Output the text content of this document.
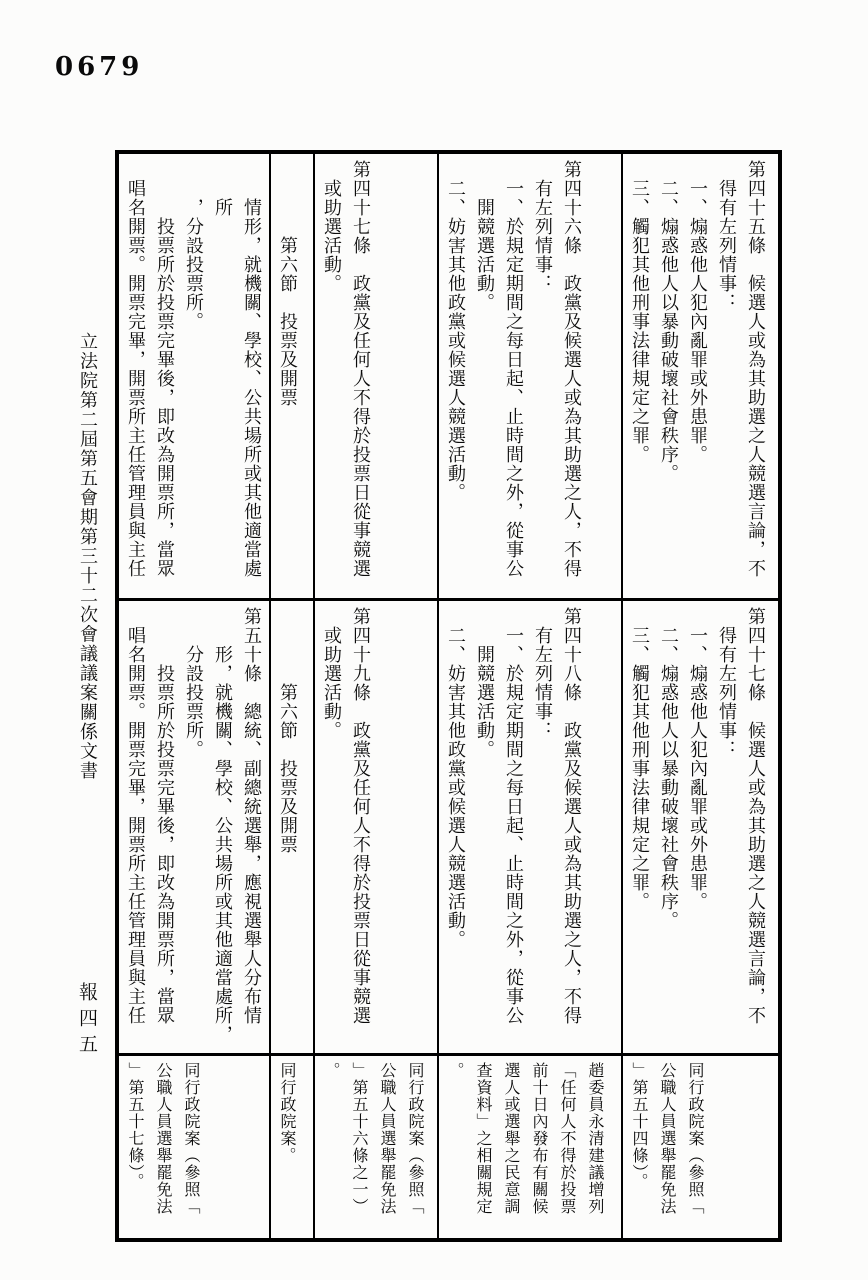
0679
立法院第二屆第五會期第三十二次會議議案關係文書
報四五
第四十五條　候選人或為其助選之人競選言論，不
得有左列情事：
一、煽惑他人犯內亂罪或外患罪。
二、煽惑他人以暴動破壞社會秩序。
三、觸犯其他刑事法律規定之罪。
第四十六條　政黨及候選人或為其助選之人，不得
有左列情事：
一、於規定期間之每日起、止時間之外，從事公
開競選活動。
二、妨害其他政黨或候選人競選活動。
第四十七條　政黨及任何人不得於投票日從事競選
或助選活動。
第六節　投票及開票
情形，就機關、學校、公共場所或其他適當處所
，分設投票所。
投票所於投票完畢後，即改為開票所，當眾
唱名開票。開票完畢，開票所主任管理員與主任
第四十七條　候選人或為其助選之人競選言論，不
得有左列情事：
一、煽惑他人犯內亂罪或外患罪。
二、煽惑他人以暴動破壞社會秩序。
三、觸犯其他刑事法律規定之罪。
第四十八條　政黨及候選人或為其助選之人，不得
有左列情事：
一、於規定期間之每日起、止時間之外，從事公
開競選活動。
二、妨害其他政黨或候選人競選活動。
第四十九條　政黨及任何人不得於投票日從事競選
或助選活動。
第六節　投票及開票
第五十條　總統、副總統選舉，應視選舉人分布情
形，就機關、學校、公共場所或其他適當處所，
分設投票所。
投票所於投票完畢後，即改為開票所，當眾
唱名開票。開票完畢，開票所主任管理員與主任
同行政院案（參照「
公職人員選舉罷免法
」第五十四條）。
趙委員永清建議增列
「任何人不得於投票
前十日內發布有關候
選人或選舉之民意調
查資料」之相關規定
。
同行政院案（參照「
公職人員選舉罷免法
」第五十六條之一）
。
同行政院案。
同行政院案（參照「
公職人員選舉罷免法
」第五十七條）。
